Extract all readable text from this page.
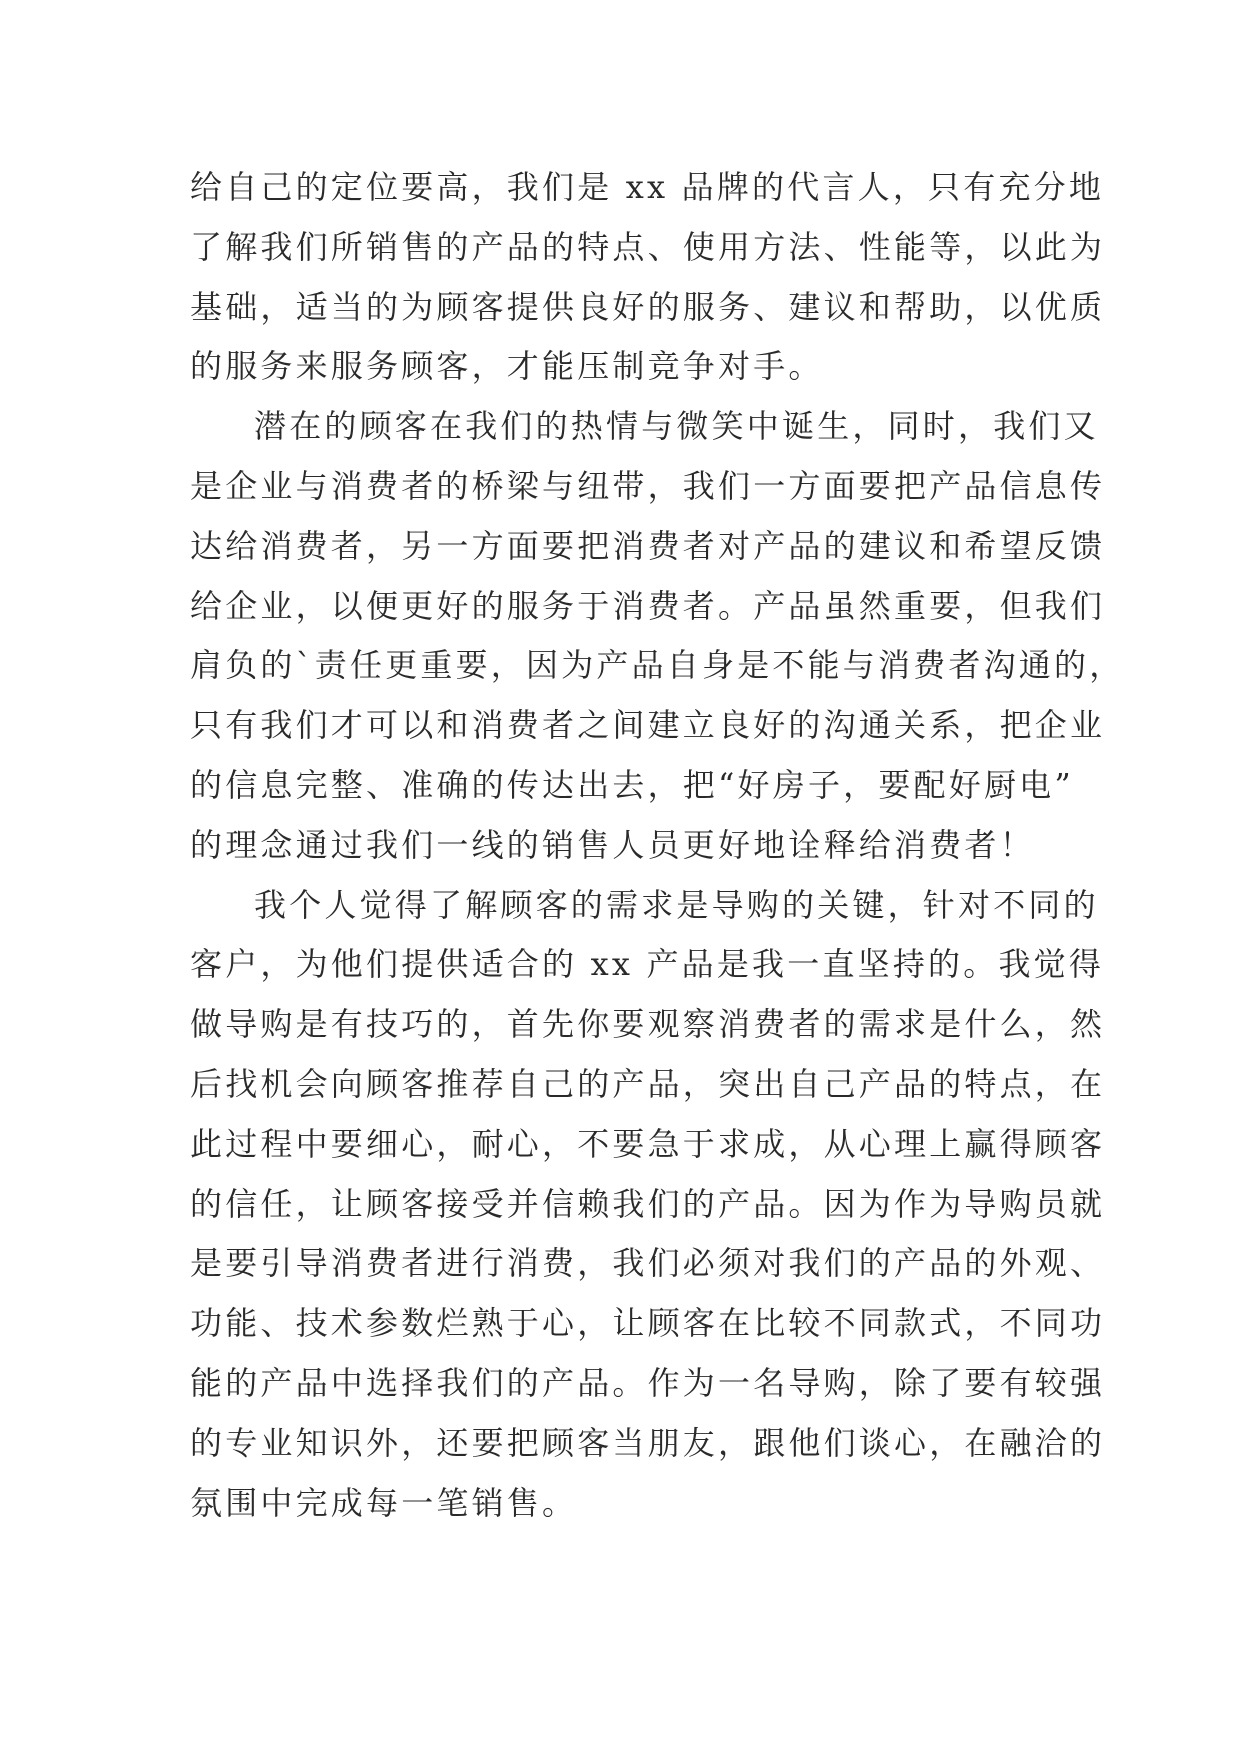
给自己的定位要高，我们是 xx 品牌的代言人，只有充分地
了解我们所销售的产品的特点、使用方法、性能等，以此为
基础，适当的为顾客提供良好的服务、建议和帮助，以优质
的服务来服务顾客，才能压制竞争对手。
潜在的顾客在我们的热情与微笑中诞生，同时，我们又
是企业与消费者的桥梁与纽带，我们一方面要把产品信息传
达给消费者，另一方面要把消费者对产品的建议和希望反馈
给企业，以便更好的服务于消费者。产品虽然重要，但我们
肩负的`责任更重要，因为产品自身是不能与消费者沟通的，
只有我们才可以和消费者之间建立良好的沟通关系，把企业
的信息完整、准确的传达出去，把“好房子，要配好厨电”
的理念通过我们一线的销售人员更好地诠释给消费者！
我个人觉得了解顾客的需求是导购的关键，针对不同的
客户，为他们提供适合的 xx 产品是我一直坚持的。我觉得
做导购是有技巧的，首先你要观察消费者的需求是什么，然
后找机会向顾客推荐自己的产品，突出自己产品的特点，在
此过程中要细心，耐心，不要急于求成，从心理上赢得顾客
的信任，让顾客接受并信赖我们的产品。因为作为导购员就
是要引导消费者进行消费，我们必须对我们的产品的外观、
功能、技术参数烂熟于心，让顾客在比较不同款式，不同功
能的产品中选择我们的产品。作为一名导购，除了要有较强
的专业知识外，还要把顾客当朋友，跟他们谈心，在融洽的
氛围中完成每一笔销售。
